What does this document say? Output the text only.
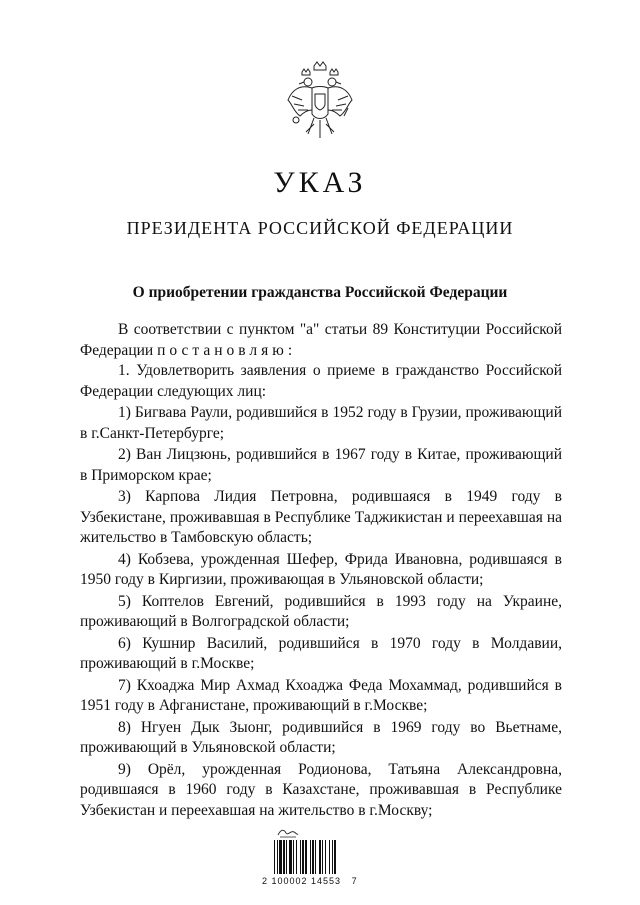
УКАЗ
ПРЕЗИДЕНТА РОССИЙСКОЙ ФЕДЕРАЦИИ
О приобретении гражданства Российской Федерации

В соответствии с пунктом "а" статьи 89 Конституции Российской Федерации постановляю:

1. Удовлетворить заявления о приеме в гражданство Российской Федерации следующих лиц:

1) Бигвава Раули, родившийся в 1952 году в Грузии, проживающий в г.Санкт-Петербурге;

2) Ван Лицзюнь, родившийся в 1967 году в Китае, проживающий в Приморском крае;

3) Карпова Лидия Петровна, родившаяся в 1949 году в Узбекистане, проживавшая в Республике Таджикистан и переехавшая на жительство в Тамбовскую область;

4) Кобзева, урожденная Шефер, Фрида Ивановна, родившаяся в 1950 году в Киргизии, проживающая в Ульяновской области;

5) Коптелов Евгений, родившийся в 1993 году на Украине, проживающий в Волгоградской области;

6) Кушнир Василий, родившийся в 1970 году в Молдавии, проживающий в г.Москве;

7) Кхоаджа Мир Ахмад Кхоаджа Феда Мохаммад, родившийся в 1951 году в Афганистане, проживающий в г.Москве;

8) Нгуен Дык Зыонг, родившийся в 1969 году во Вьетнаме, проживающий в Ульяновской области;

9) Орёл, урожденная Родионова, Татьяна Александровна, родившаяся в 1960 году в Казахстане, проживавшая в Республике Узбекистан и переехавшая на жительство в г.Москву;

2 100002 14553   7
